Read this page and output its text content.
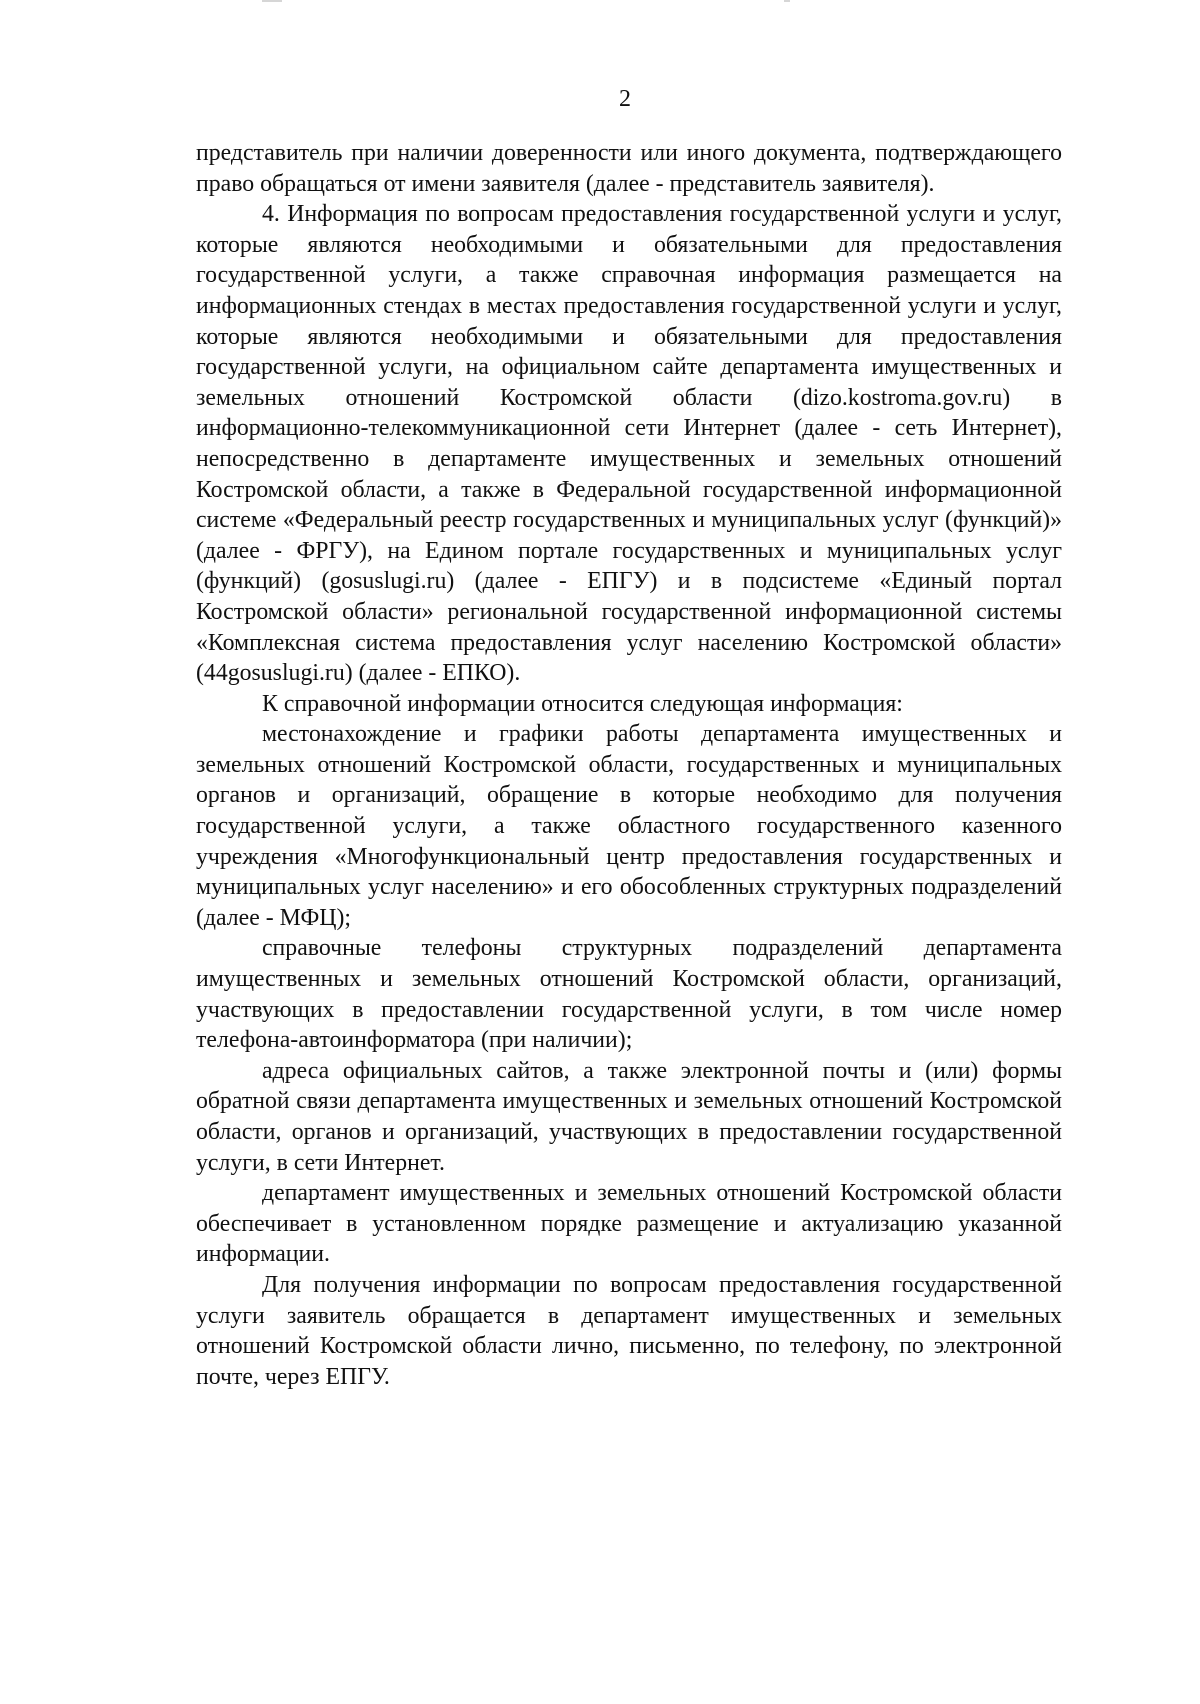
2

представитель при наличии доверенности или иного документа, подтверждающего право обращаться от имени заявителя (далее - представитель заявителя).

4. Информация по вопросам предоставления государственной услуги и услуг, которые являются необходимыми и обязательными для предоставления государственной услуги, а также справочная информация размещается на информационных стендах в местах предоставления государственной услуги и услуг, которые являются необходимыми и обязательными для предоставления государственной услуги, на официальном сайте департамента имущественных и земельных отношений Костромской области (dizo.kostroma.gov.ru) в информационно-телекоммуникационной сети Интернет (далее - сеть Интернет), непосредственно в департаменте имущественных и земельных отношений Костромской области, а также в Федеральной государственной информационной системе «Федеральный реестр государственных и муниципальных услуг (функций)» (далее - ФРГУ), на Едином портале государственных и муниципальных услуг (функций) (gosuslugi.ru) (далее - ЕПГУ) и в подсистеме «Единый портал Костромской области» региональной государственной информационной системы «Комплексная система предоставления услуг населению Костромской области» (44gosuslugi.ru) (далее - ЕПКО).

К справочной информации относится следующая информация:

местонахождение и графики работы департамента имущественных и земельных отношений Костромской области, государственных и муниципальных органов и организаций, обращение в которые необходимо для получения государственной услуги, а также областного государственного казенного учреждения «Многофункциональный центр предоставления государственных и муниципальных услуг населению» и его обособленных структурных подразделений (далее - МФЦ);

справочные телефоны структурных подразделений департамента имущественных и земельных отношений Костромской области, организаций, участвующих в предоставлении государственной услуги, в том числе номер телефона-автоинформатора (при наличии);

адреса официальных сайтов, а также электронной почты и (или) формы обратной связи департамента имущественных и земельных отношений Костромской области, органов и организаций, участвующих в предоставлении государственной услуги, в сети Интернет.

департамент имущественных и земельных отношений Костромской области обеспечивает в установленном порядке размещение и актуализацию указанной информации.

Для получения информации по вопросам предоставления государственной услуги заявитель обращается в департамент имущественных и земельных отношений Костромской области лично, письменно, по телефону, по электронной почте, через ЕПГУ.
